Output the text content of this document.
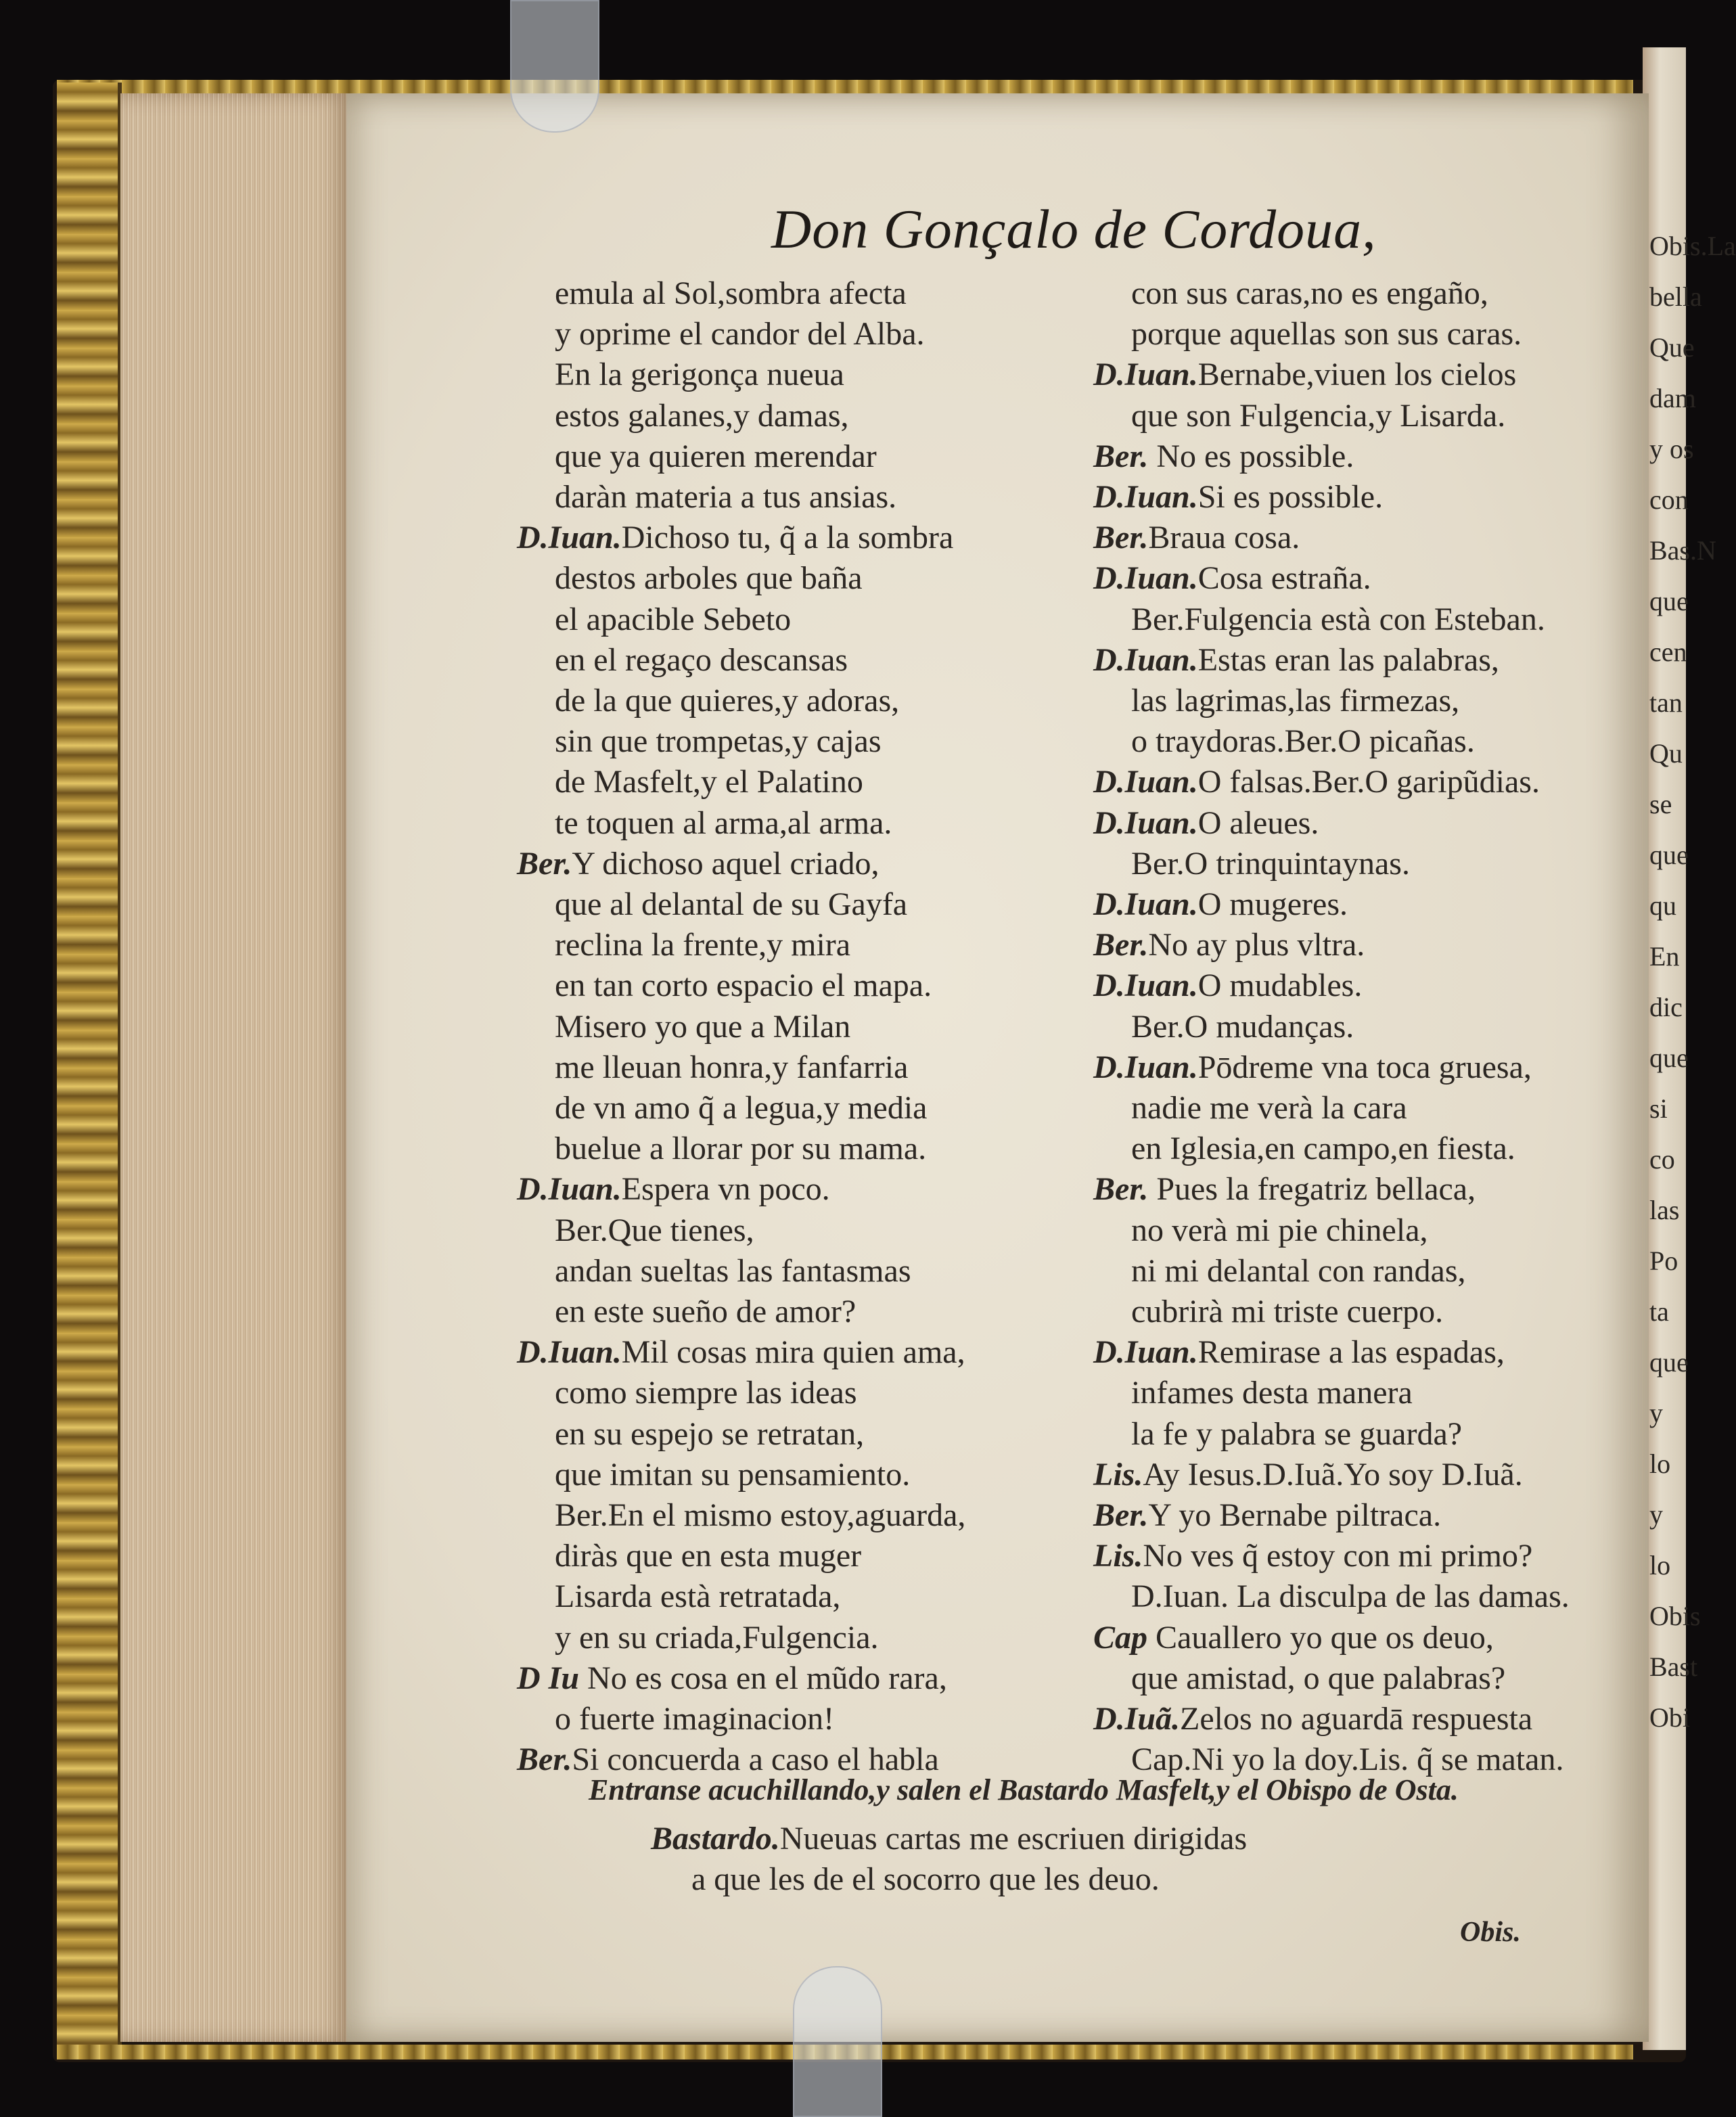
Obis.La
bella
Que
dam
y os
con
Bas.N
que
cen
tan
Qu
se
que
qu
En
dic
que
si
co
las
Po
ta
que
y
lo
y
lo
Obis
Bast
Obi
Don Gonçalo de Cordoua,
emula al Sol,sombra afecta
y oprime el candor del Alba.
En la gerigonça nueua
estos galanes,y damas,
que ya quieren merendar
daràn materia a tus ansias.
D.Iuan.Dichoso tu, q̃ a la sombra
destos arboles que baña
el apacible Sebeto
en el regaço descansas
de la que quieres,y adoras,
sin que trompetas,y cajas
de Masfelt,y el Palatino
te toquen al arma,al arma.
Ber.Y dichoso aquel criado,
que al delantal de su Gayfa
reclina la frente,y mira
en tan corto espacio el mapa.
Misero yo que a Milan
me lleuan honra,y fanfarria
de vn amo q̃ a legua,y media
buelue a llorar por su mama.
D.Iuan.Espera vn poco.
Ber.Que tienes,
andan sueltas las fantasmas
en este sueño de amor?
D.Iuan.Mil cosas mira quien ama,
como siempre las ideas
en su espejo se retratan,
que imitan su pensamiento.
Ber.En el mismo estoy,aguarda,
diràs que en esta muger
Lisarda està retratada,
y en su criada,Fulgencia.
D Iu No es cosa en el mũdo rara,
o fuerte imaginacion!
Ber.Si concuerda a caso el habla
con sus caras,no es engaño,
porque aquellas son sus caras.
D.Iuan.Bernabe,viuen los cielos
que son Fulgencia,y Lisarda.
Ber. No es possible.
D.Iuan.Si es possible.
Ber.Braua cosa.
D.Iuan.Cosa estraña.
Ber.Fulgencia està con Esteban.
D.Iuan.Estas eran las palabras,
las lagrimas,las firmezas,
o traydoras.Ber.O picañas.
D.Iuan.O falsas.Ber.O garipũdias.
D.Iuan.O aleues.
Ber.O trinquintaynas.
D.Iuan.O mugeres.
Ber.No ay plus vltra.
D.Iuan.O mudables.
Ber.O mudanças.
D.Iuan.Pōdreme vna toca gruesa,
nadie me verà la cara
en Iglesia,en campo,en fiesta.
Ber. Pues la fregatriz bellaca,
no verà mi pie chinela,
ni mi delantal con randas,
cubrirà mi triste cuerpo.
D.Iuan.Remirase a las espadas,
infames desta manera
la fe y palabra se guarda?
Lis.Ay Iesus.D.Iuã.Yo soy D.Iuã.
Ber.Y yo Bernabe piltraca.
Lis.No ves q̃ estoy con mi primo?
D.Iuan. La disculpa de las damas.
Cap Cauallero yo que os deuo,
que amistad, o que palabras?
D.Iuã.Zelos no aguardā respuesta
Cap.Ni yo la doy.Lis. q̃ se matan.
Entranse acuchillando,y salen el Bastardo Masfelt,y el Obispo de Osta.
Bastardo.Nueuas cartas me escriuen dirigidas
a que les de el socorro que les deuo.
Obis.
